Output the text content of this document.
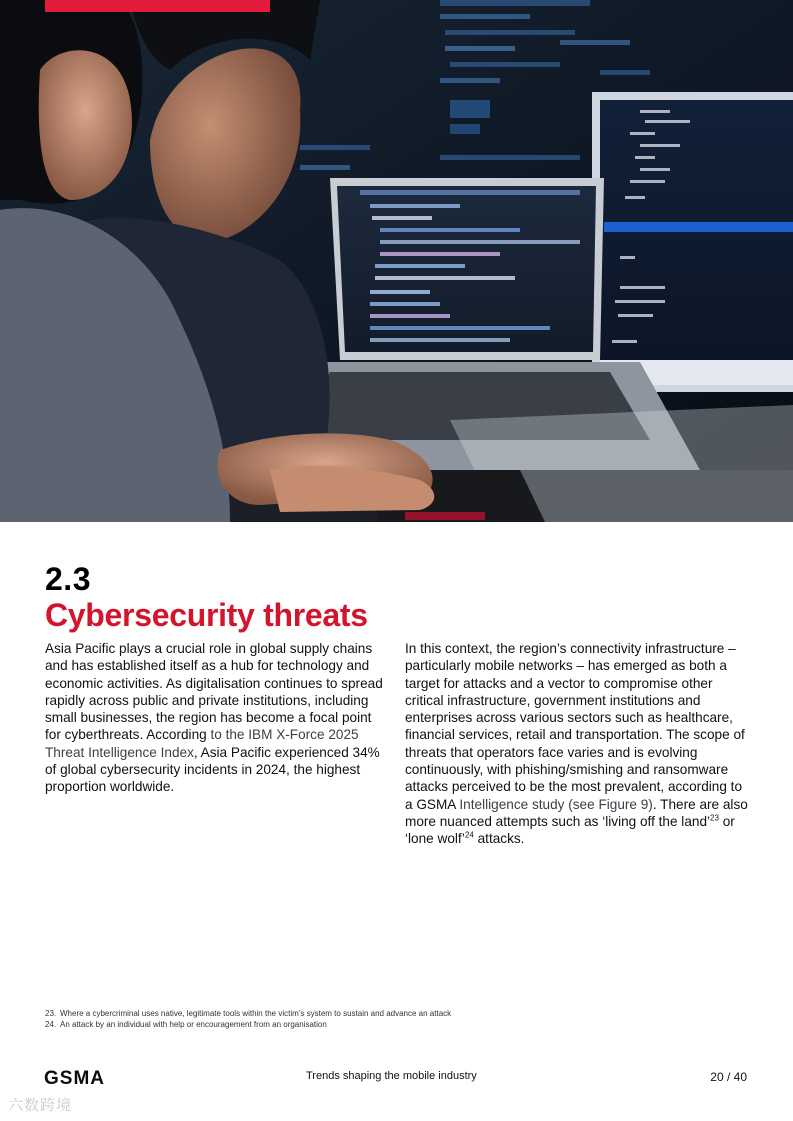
2.3
Cybersecurity threats

Asia Pacific plays a crucial role in global supply chains and has established itself as a hub for technology and economic activities. As digitalisation continues to spread rapidly across public and private institutions, including small businesses, the region has become a focal point for cyberthreats. According to the IBM X-Force 2025 Threat Intelligence Index, Asia Pacific experienced 34% of global cybersecurity incidents in 2024, the highest proportion worldwide.

In this context, the region’s connectivity infrastructure – particularly mobile networks – has emerged as both a target for attacks and a vector to compromise other critical infrastructure, government institutions and enterprises across various sectors such as healthcare, financial services, retail and transportation. The scope of threats that operators face varies and is evolving continuously, with phishing/smishing and ransomware attacks perceived to be the most prevalent, according to a GSMA Intelligence study (see Figure 9). There are also more nuanced attempts such as ‘living off the land’$^{23}$ or ‘lone wolf’$^{24}$ attacks.

23. Where a cybercriminal uses native, legitimate tools within the victim’s system to sustain and advance an attack
24. An attack by an individual with help or encouragement from an organisation
GSMA	Trends shaping the mobile industry	20 / 40
六数跨境
